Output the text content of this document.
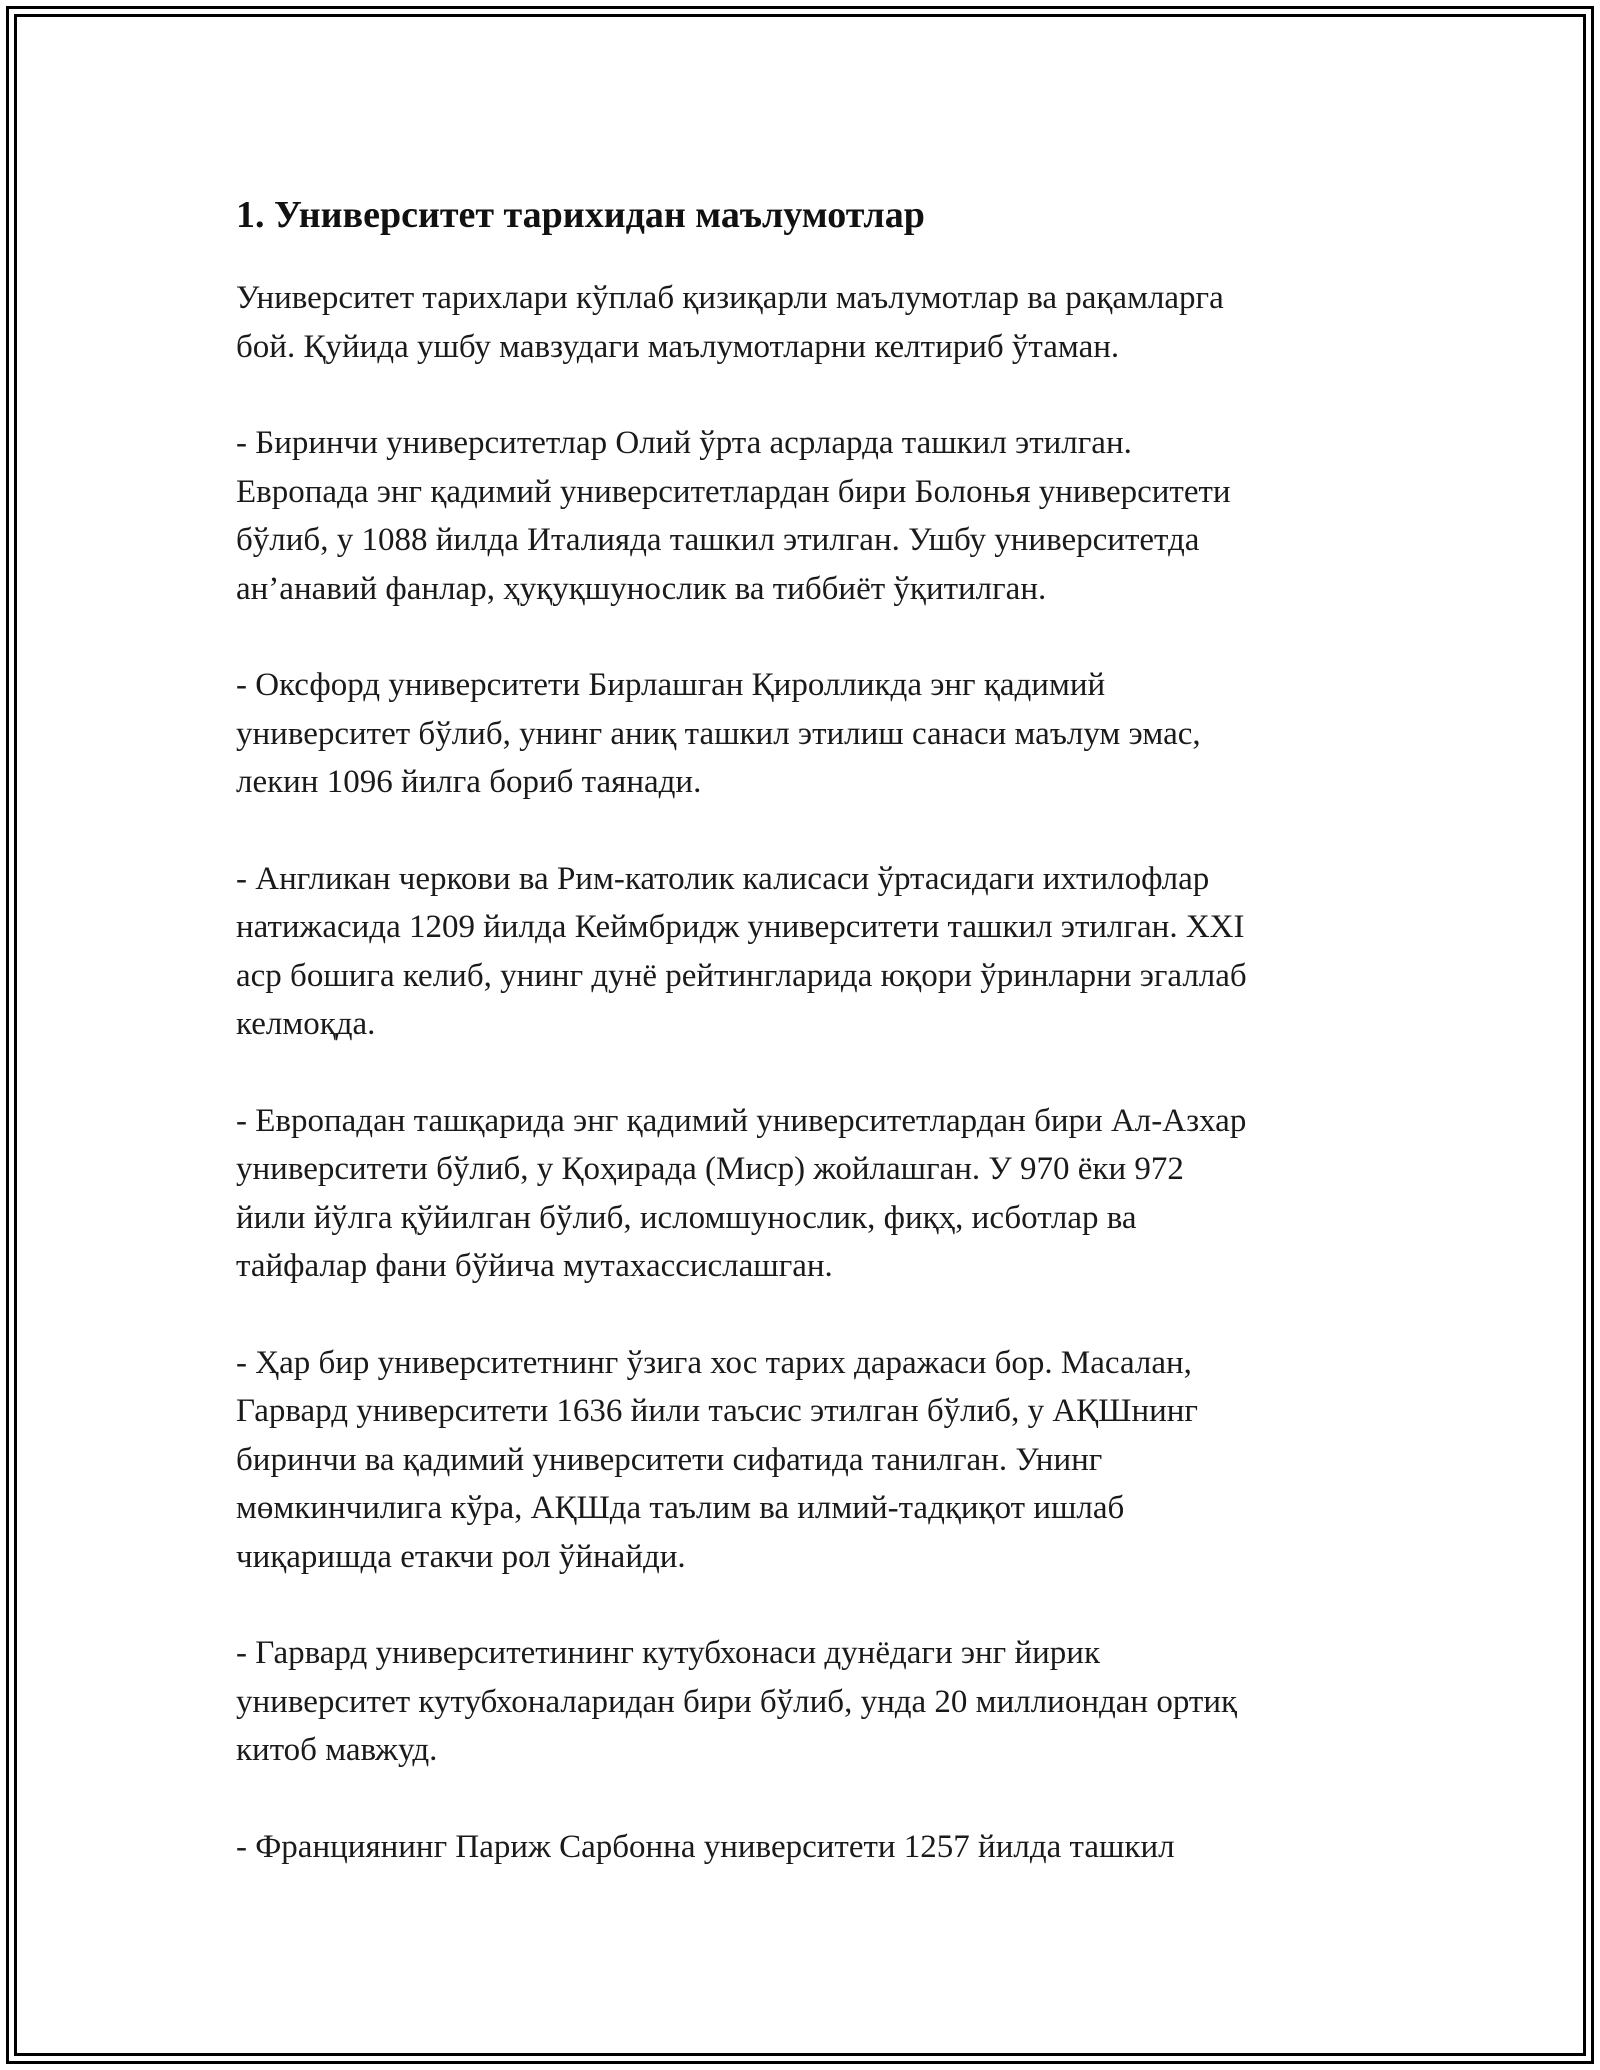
1. Университет тарихидан маълумотлар

Университет тарихлари кўплаб қизиқарли маълумотлар ва рақамларга
бой. Қуйида ушбу мавзудаги маълумотларни келтириб ўтаман.

- Биринчи университетлар Олий ўрта асрларда ташкил этилган.
Европада энг қадимий университетлардан бири Болонья университети
бўлиб, у 1088 йилда Италияда ташкил этилган. Ушбу университетда
ан’анавий фанлар, ҳуқуқшунослик ва тиббиёт ўқитилган.

- Оксфорд университети Бирлашган Қиролликда энг қадимий
университет бўлиб, унинг аниқ ташкил этилиш санаси маълум эмас,
лекин 1096 йилга бориб таянади.

- Англикан черкови ва Рим-католик калисаси ўртасидаги ихтилофлар
натижасида 1209 йилда Кеймбридж университети ташкил этилган. XXI
аср бошига келиб, унинг дунё рейтингларида юқори ўринларни эгаллаб
келмоқда.

- Европадан ташқарида энг қадимий университетлардан бири Ал-Азхар
университети бўлиб, у Қоҳирада (Миср) жойлашган. У 970 ёки 972
йили йўлга қўйилган бўлиб, исломшунослик, фиқҳ, исботлар ва
тайфалар фани бўйича мутахассислашган.

- Ҳар бир университетнинг ўзига хос тарих даражаси бор. Масалан,
Гарвард университети 1636 йили таъсис этилган бўлиб, у АҚШнинг
биринчи ва қадимий университети сифатида танилган. Унинг
мөмкинчилига кўра, АҚШда таълим ва илмий-тадқиқот ишлаб
чиқаришда етакчи рол ўйнайди.

- Гарвард университетининг кутубхонаси дунёдаги энг йирик
университет кутубхоналаридан бири бўлиб, унда 20 миллиондан ортиқ
китоб мавжуд.

- Франциянинг Париж Сарбонна университети 1257 йилда ташкил
